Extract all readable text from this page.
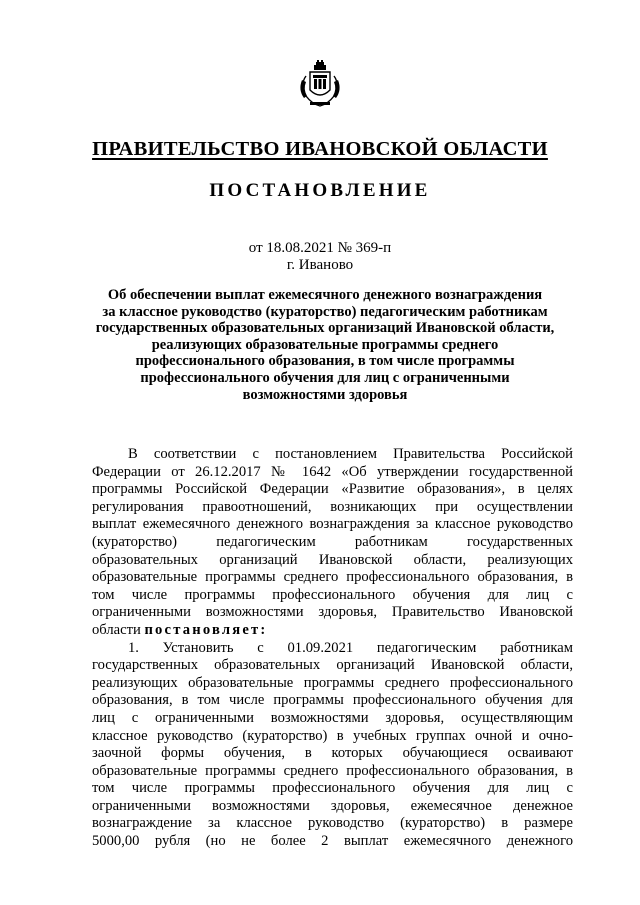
ПРАВИТЕЛЬСТВО ИВАНОВСКОЙ ОБЛАСТИ
ПОСТАНОВЛЕНИЕ
от 18.08.2021 № 369-п
г. Иваново
Об обеспечении выплат ежемесячного денежного вознаграждения
за классное руководство (кураторство) педагогическим работникам
государственных образовательных организаций Ивановской области,
реализующих образовательные программы среднего
профессионального образования, в том числе программы
профессионального обучения для лиц с ограниченными
возможностями здоровья
В соответствии с постановлением Правительства Российской
Федерации от 26.12.2017 № 1642 «Об утверждении государственной
программы Российской Федерации «Развитие образования», в целях
регулирования правоотношений, возникающих при осуществлении
выплат ежемесячного денежного вознаграждения за классное руководство
(кураторство) педагогическим работникам государственных
образовательных организаций Ивановской области, реализующих
образовательные программы среднего профессионального образования, в
том числе программы профессионального обучения для лиц с
ограниченными возможностями здоровья, Правительство Ивановской
области постановляет:
1. Установить с 01.09.2021 педагогическим работникам
государственных образовательных организаций Ивановской области,
реализующих образовательные программы среднего профессионального
образования, в том числе программы профессионального обучения для
лиц с ограниченными возможностями здоровья, осуществляющим
классное руководство (кураторство) в учебных группах очной и очно-
заочной формы обучения, в которых обучающиеся осваивают
образовательные программы среднего профессионального образования, в
том числе программы профессионального обучения для лиц с
ограниченными возможностями здоровья, ежемесячное денежное
вознаграждение за классное руководство (кураторство) в размере
5000,00 рубля (но не более 2 выплат ежемесячного денежного
